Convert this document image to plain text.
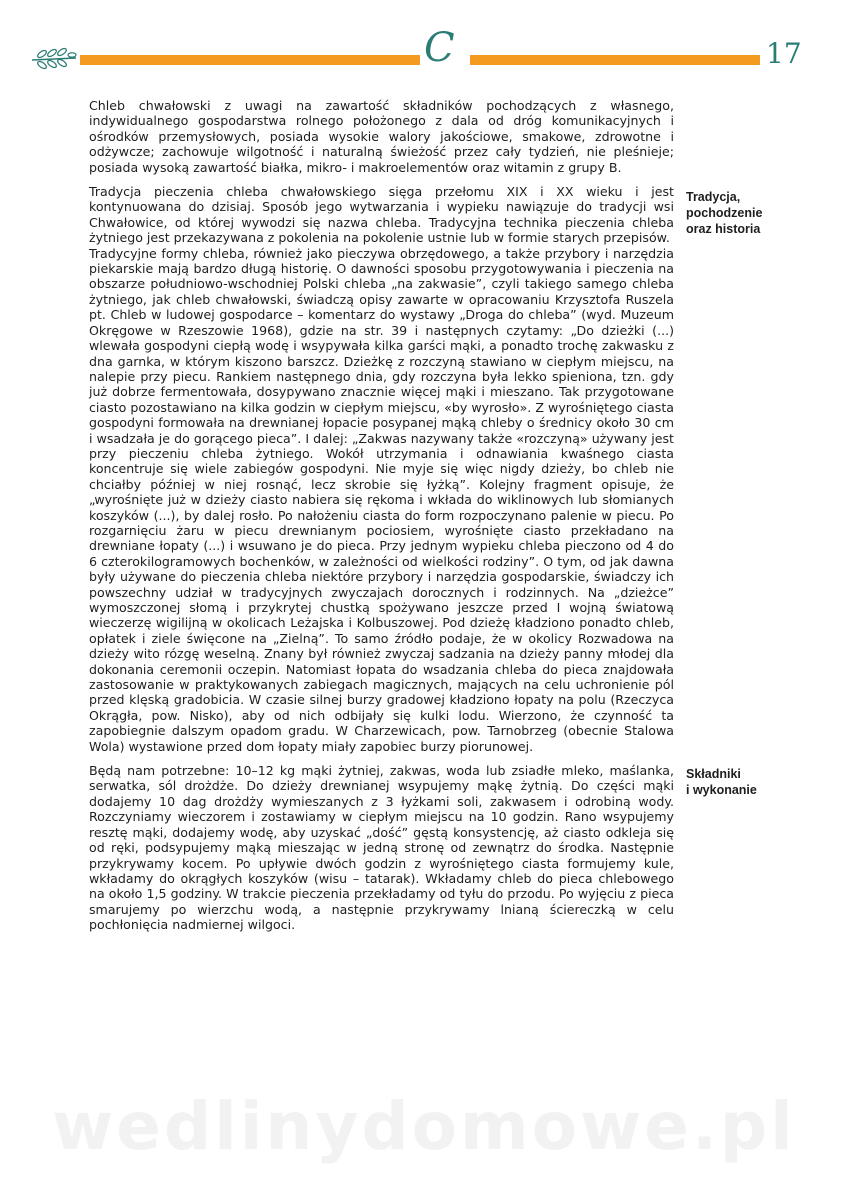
C	17
Tradycja,
pochodzenie
oraz historia
Składniki
i wykonanie

Chleb chwałowski z uwagi na zawartość składników pochodzących z własnego, indywidualnego gospodarstwa rolnego położonego z dala od dróg komunikacyjnych i ośrodków przemysłowych, posiada wysokie walory jakościowe, smakowe, zdrowotne i odżywcze; zachowuje wilgotność i naturalną świeżość przez cały tydzień, nie pleśnieje; posiada wysoką zawartość białka, mikro- i makroelementów oraz witamin z grupy B.

Tradycja pieczenia chleba chwałowskiego sięga przełomu XIX i XX wieku i jest kontynuowana do dzisiaj. Sposób jego wytwarzania i wypieku nawiązuje do tradycji wsi Chwałowice, od której wywodzi się nazwa chleba. Tradycyjna technika pieczenia chleba żytniego jest przekazywana z pokolenia na pokolenie ustnie lub w formie starych przepisów.

Tradycyjne formy chleba, również jako pieczywa obrzędowego, a także przybory i narzędzia piekarskie mają bardzo długą historię. O dawności sposobu przygotowywania i pieczenia na obszarze południowo-wschodniej Polski chleba „na zakwasie”, czyli takiego samego chleba żytniego, jak chleb chwałowski, świadczą opisy zawarte w opracowaniu Krzysztofa Ruszela pt. Chleb w ludowej gospodarce – komentarz do wystawy „Droga do chleba” (wyd. Muzeum Okręgowe w Rzeszowie 1968), gdzie na str. 39 i następnych czytamy: „Do dzieżki (...) wlewała gospodyni ciepłą wodę i wsypywała kilka garści mąki, a ponadto trochę zakwasku z dna garnka, w którym kiszono barszcz. Dzieżkę z rozczyną stawiano w ciepłym miejscu, na nalepie przy piecu. Rankiem następnego dnia, gdy rozczyna była lekko spieniona, tzn. gdy już dobrze fermentowała, dosypywano znacznie więcej mąki i mieszano. Tak przygotowane ciasto pozostawiano na kilka godzin w ciepłym miejscu, «by wyrosło». Z wyrośniętego ciasta gospodyni formowała na drewnianej łopacie posypanej mąką chleby o średnicy około 30 cm i wsadzała je do gorącego pieca”. I dalej: „Zakwas nazywany także «rozczyną» używany jest przy pieczeniu chleba żytniego. Wokół utrzymania i odnawiania kwaśnego ciasta koncentruje się wiele zabiegów gospodyni. Nie myje się więc nigdy dzieży, bo chleb nie chciałby później w niej rosnąć, lecz skrobie się łyżką”. Kolejny fragment opisuje, że „wyrośnięte już w dzieży ciasto nabiera się rękoma i wkłada do wiklinowych lub słomianych koszyków (...), by dalej rosło. Po nałożeniu ciasta do form rozpoczynano palenie w piecu. Po rozgarnięciu żaru w piecu drewnianym pociosiem, wyrośnięte ciasto przekładano na drewniane łopaty (...) i wsuwano je do pieca. Przy jednym wypieku chleba pieczono od 4 do 6 czterokilogramowych bochenków, w zależności od wielkości rodziny”. O tym, od jak dawna były używane do pieczenia chleba niektóre przybory i narzędzia gospodarskie, świadczy ich powszechny udział w tradycyjnych zwyczajach dorocznych i rodzinnych. Na „dzieżce” wymoszczonej słomą i przykrytej chustką spożywano jeszcze przed I wojną światową wieczerzę wigilijną w okolicach Leżajska i Kolbuszowej. Pod dzieżę kładziono ponadto chleb, opłatek i ziele święcone na „Zielną”. To samo źródło podaje, że w okolicy Rozwadowa na dzieży wito rózgę weselną. Znany był również zwyczaj sadzania na dzieży panny młodej dla dokonania ceremonii oczepin. Natomiast łopata do wsadzania chleba do pieca znajdowała zastosowanie w praktykowanych zabiegach magicznych, mających na celu uchronienie pól przed klęską gradobicia. W czasie silnej burzy gradowej kładziono łopaty na polu (Rzeczyca Okrągła, pow. Nisko), aby od nich odbijały się kulki lodu. Wierzono, że czynność ta zapobiegnie dalszym opadom gradu. W Charzewicach, pow. Tarnobrzeg (obecnie Stalowa Wola) wystawione przed dom łopaty miały zapobiec burzy piorunowej.

Będą nam potrzebne: 10–12 kg mąki żytniej, zakwas, woda lub zsiadłe mleko, maślanka, serwatka, sól drożdże. Do dzieży drewnianej wsypujemy mąkę żytnią. Do części mąki dodajemy 10 dag drożdży wymieszanych z 3 łyżkami soli, zakwasem i odrobiną wody. Rozczyniamy wieczorem i zostawiamy w ciepłym miejscu na 10 godzin. Rano wsypujemy resztę mąki, dodajemy wodę, aby uzyskać „dość” gęstą konsystencję, aż ciasto odkleja się od ręki, podsypujemy mąką mieszając w jedną stronę od zewnątrz do środka. Następnie przykrywamy kocem. Po upływie dwóch godzin z wyrośniętego ciasta formujemy kule, wkładamy do okrągłych koszyków (wisu – tatarak). Wkładamy chleb do pieca chlebowego na około 1,5 godziny. W trakcie pieczenia przekładamy od tyłu do przodu. Po wyjęciu z pieca smarujemy po wierzchu wodą, a następnie przykrywamy lnianą ściereczką w celu pochłonięcia nadmiernej wilgoci.

wedlinydomowe.pl
